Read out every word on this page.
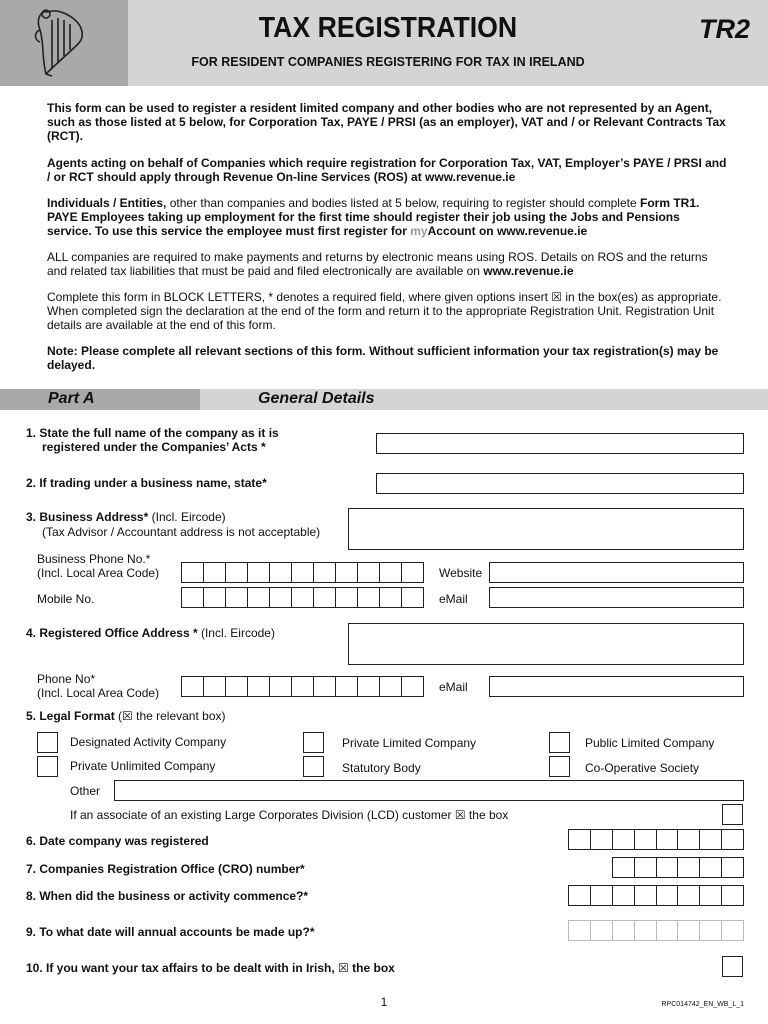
TAX REGISTRATION	TR2
FOR RESIDENT COMPANIES REGISTERING FOR TAX IN IRELAND
This form can be used to register a resident limited company and other bodies who are not represented by an Agent, such as those listed at 5 below, for Corporation Tax, PAYE / PRSI (as an employer), VAT and / or Relevant Contracts Tax (RCT).
Agents acting on behalf of Companies which require registration for Corporation Tax, VAT, Employer’s PAYE / PRSI and / or RCT should apply through Revenue On-line Services (ROS) at www.revenue.ie
Individuals / Entities, other than companies and bodies listed at 5 below, requiring to register should complete Form TR1. PAYE Employees taking up employment for the first time should register their job using the Jobs and Pensions service. To use this service the employee must first register for myAccount on www.revenue.ie
ALL companies are required to make payments and returns by electronic means using ROS. Details on ROS and the returns and related tax liabilities that must be paid and filed electronically are available on www.revenue.ie
Complete this form in BLOCK LETTERS, * denotes a required field, where given options insert ☒ in the box(es) as appropriate. When completed sign the declaration at the end of the form and return it to the appropriate Registration Unit. Registration Unit details are available at the end of this form.
Note: Please complete all relevant sections of this form. Without sufficient information your tax registration(s) may be delayed.
Part A	General Details
1. State the full name of the company as it is
registered under the Companies’ Acts *
2. If trading under a business name, state*
3. Business Address* (Incl. Eircode)
(Tax Advisor / Accountant address is not acceptable)
Business Phone No.*
(Incl. Local Area Code)	Website
Mobile No.	eMail
4. Registered Office Address * (Incl. Eircode)
Phone No*
(Incl. Local Area Code)	eMail
5. Legal Format (☒ the relevant box)
Designated Activity Company	Private Limited Company	Public Limited Company
Private Unlimited Company	Statutory Body	Co-Operative Society
Other
If an associate of an existing Large Corporates Division (LCD) customer ☒ the box
6. Date company was registered
7. Companies Registration Office (CRO) number*
8. When did the business or activity commence?*
9. To what date will annual accounts be made up?*
10. If you want your tax affairs to be dealt with in Irish, ☒ the box
1	RPC014742_EN_WB_L_1
